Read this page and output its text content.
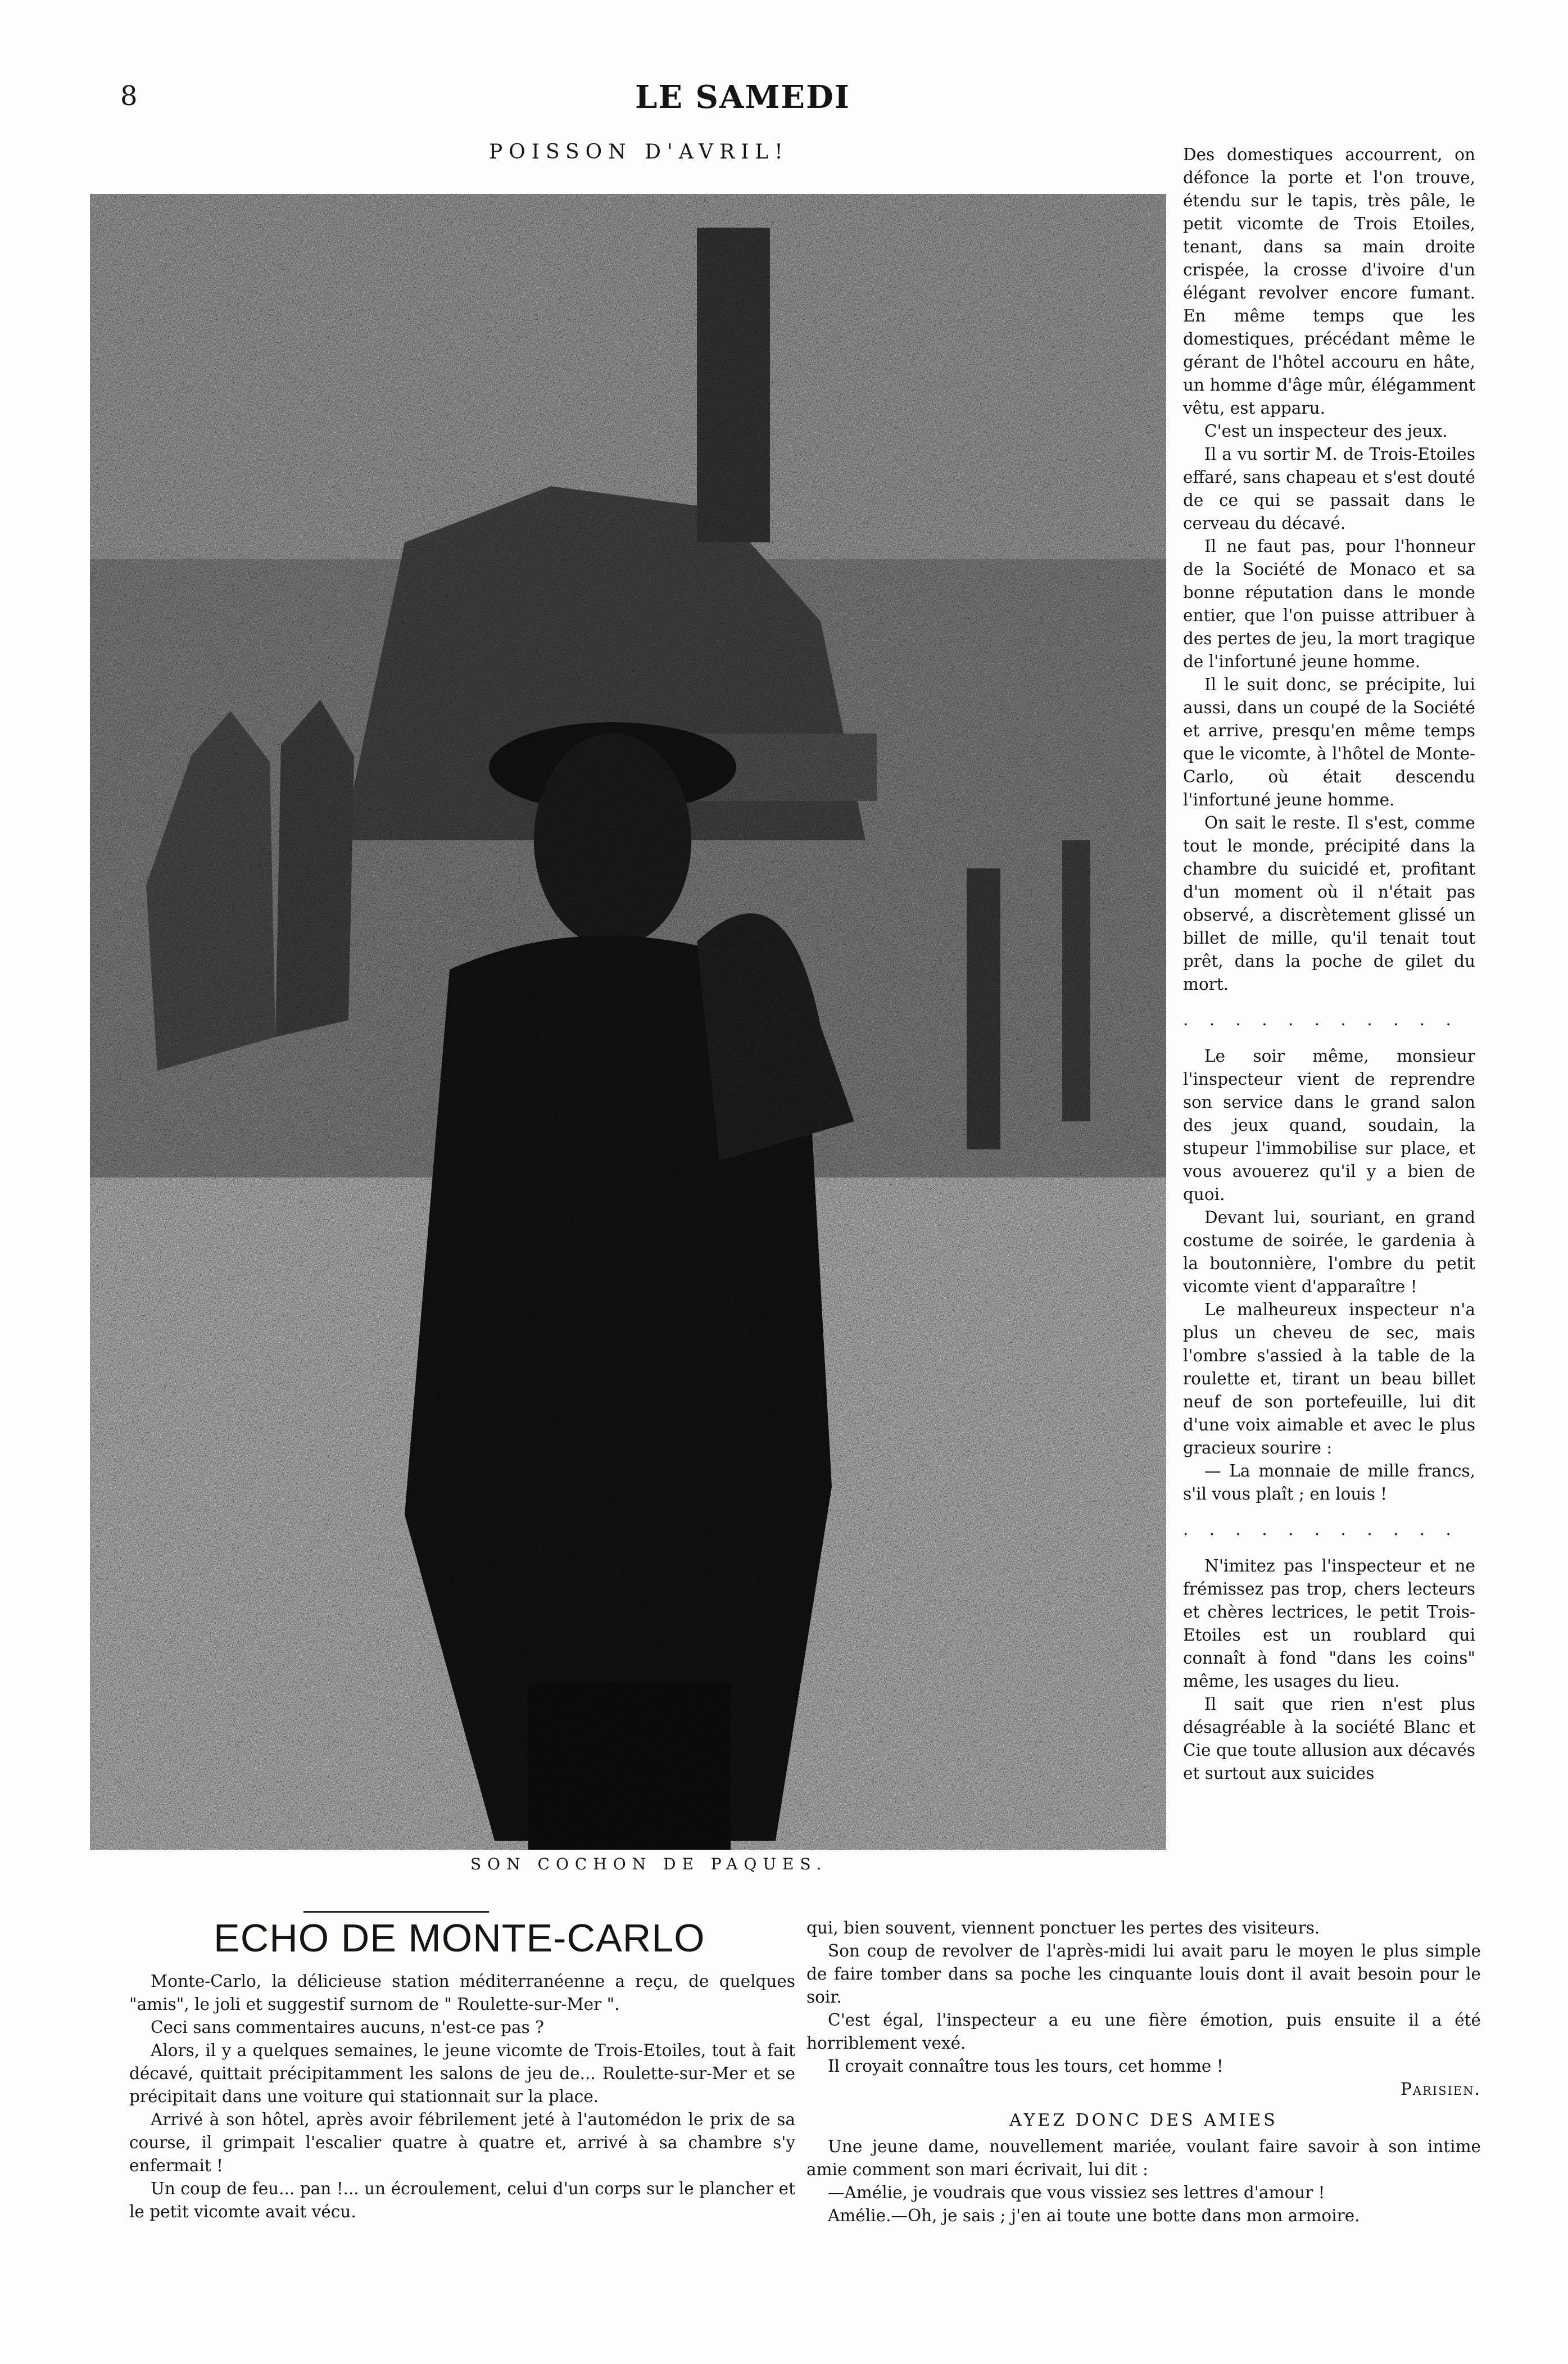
8	LE SAMEDI
POISSON D'AVRIL!
SON COCHON DE PAQUES.

Des domestiques accourrent, on défonce la porte et l'on trouve, étendu sur le tapis, très pâle, le petit vicomte de Trois Etoiles, tenant, dans sa main droite crispée, la crosse d'ivoire d'un élégant revolver encore fumant. En même temps que les domestiques, précédant même le gérant de l'hôtel accouru en hâte, un homme d'âge mûr, élégamment vêtu, est apparu.

C'est un inspecteur des jeux.

Il a vu sortir M. de Trois-Etoiles effaré, sans chapeau et s'est douté de ce qui se passait dans le cerveau du décavé.

Il ne faut pas, pour l'honneur de la Société de Monaco et sa bonne réputation dans le monde entier, que l'on puisse attribuer à des pertes de jeu, la mort tragique de l'infortuné jeune homme.

Il le suit donc, se précipite, lui aussi, dans un coupé de la Société et arrive, presqu'en même temps que le vicomte, à l'hôtel de Monte-Carlo, où était descendu l'infortuné jeune homme.

On sait le reste. Il s'est, comme tout le monde, précipité dans la chambre du suicidé et, profitant d'un moment où il n'était pas observé, a discrètement glissé un billet de mille, qu'il tenait tout prêt, dans la poche de gilet du mort.

. . . . . . . . . . .

Le soir même, monsieur l'inspecteur vient de reprendre son service dans le grand salon des jeux quand, soudain, la stupeur l'immobilise sur place, et vous avouerez qu'il y a bien de quoi.

Devant lui, souriant, en grand costume de soirée, le gardenia à la boutonnière, l'ombre du petit vicomte vient d'apparaître !

Le malheureux inspecteur n'a plus un cheveu de sec, mais l'ombre s'assied à la table de la roulette et, tirant un beau billet neuf de son portefeuille, lui dit d'une voix aimable et avec le plus gracieux sourire :

— La monnaie de mille francs, s'il vous plaît ; en louis !

. . . . . . . . . . .

N'imitez pas l'inspecteur et ne frémissez pas trop, chers lecteurs et chères lectrices, le petit Trois-Etoiles est un roublard qui connaît à fond "dans les coins" même, les usages du lieu.

Il sait que rien n'est plus désagréable à la société Blanc et Cie que toute allusion aux décavés et surtout aux suicides

ECHO DE MONTE-CARLO

Monte-Carlo, la délicieuse station méditerranéenne a reçu, de quelques "amis", le joli et suggestif surnom de " Roulette-sur-Mer ".

Ceci sans commentaires aucuns, n'est-ce pas ?

Alors, il y a quelques semaines, le jeune vicomte de Trois-Etoiles, tout à fait décavé, quittait précipitamment les salons de jeu de... Roulette-sur-Mer et se précipitait dans une voiture qui stationnait sur la place.

Arrivé à son hôtel, après avoir fébrilement jeté à l'automédon le prix de sa course, il grimpait l'escalier quatre à quatre et, arrivé à sa chambre s'y enfermait !

Un coup de feu... pan !... un écroulement, celui d'un corps sur le plancher et le petit vicomte avait vécu.

qui, bien souvent, viennent ponctuer les pertes des visiteurs.

Son coup de revolver de l'après-midi lui avait paru le moyen le plus simple de faire tomber dans sa poche les cinquante louis dont il avait besoin pour le soir.

C'est égal, l'inspecteur a eu une fière émotion, puis ensuite il a été horriblement vexé.

Il croyait connaître tous les tours, cet homme !

Parisien.

AYEZ DONC DES AMIES

Une jeune dame, nouvellement mariée, voulant faire savoir à son intime amie comment son mari écrivait, lui dit :

—Amélie, je voudrais que vous vissiez ses lettres d'amour !

Amélie.—Oh, je sais ; j'en ai toute une botte dans mon armoire.
